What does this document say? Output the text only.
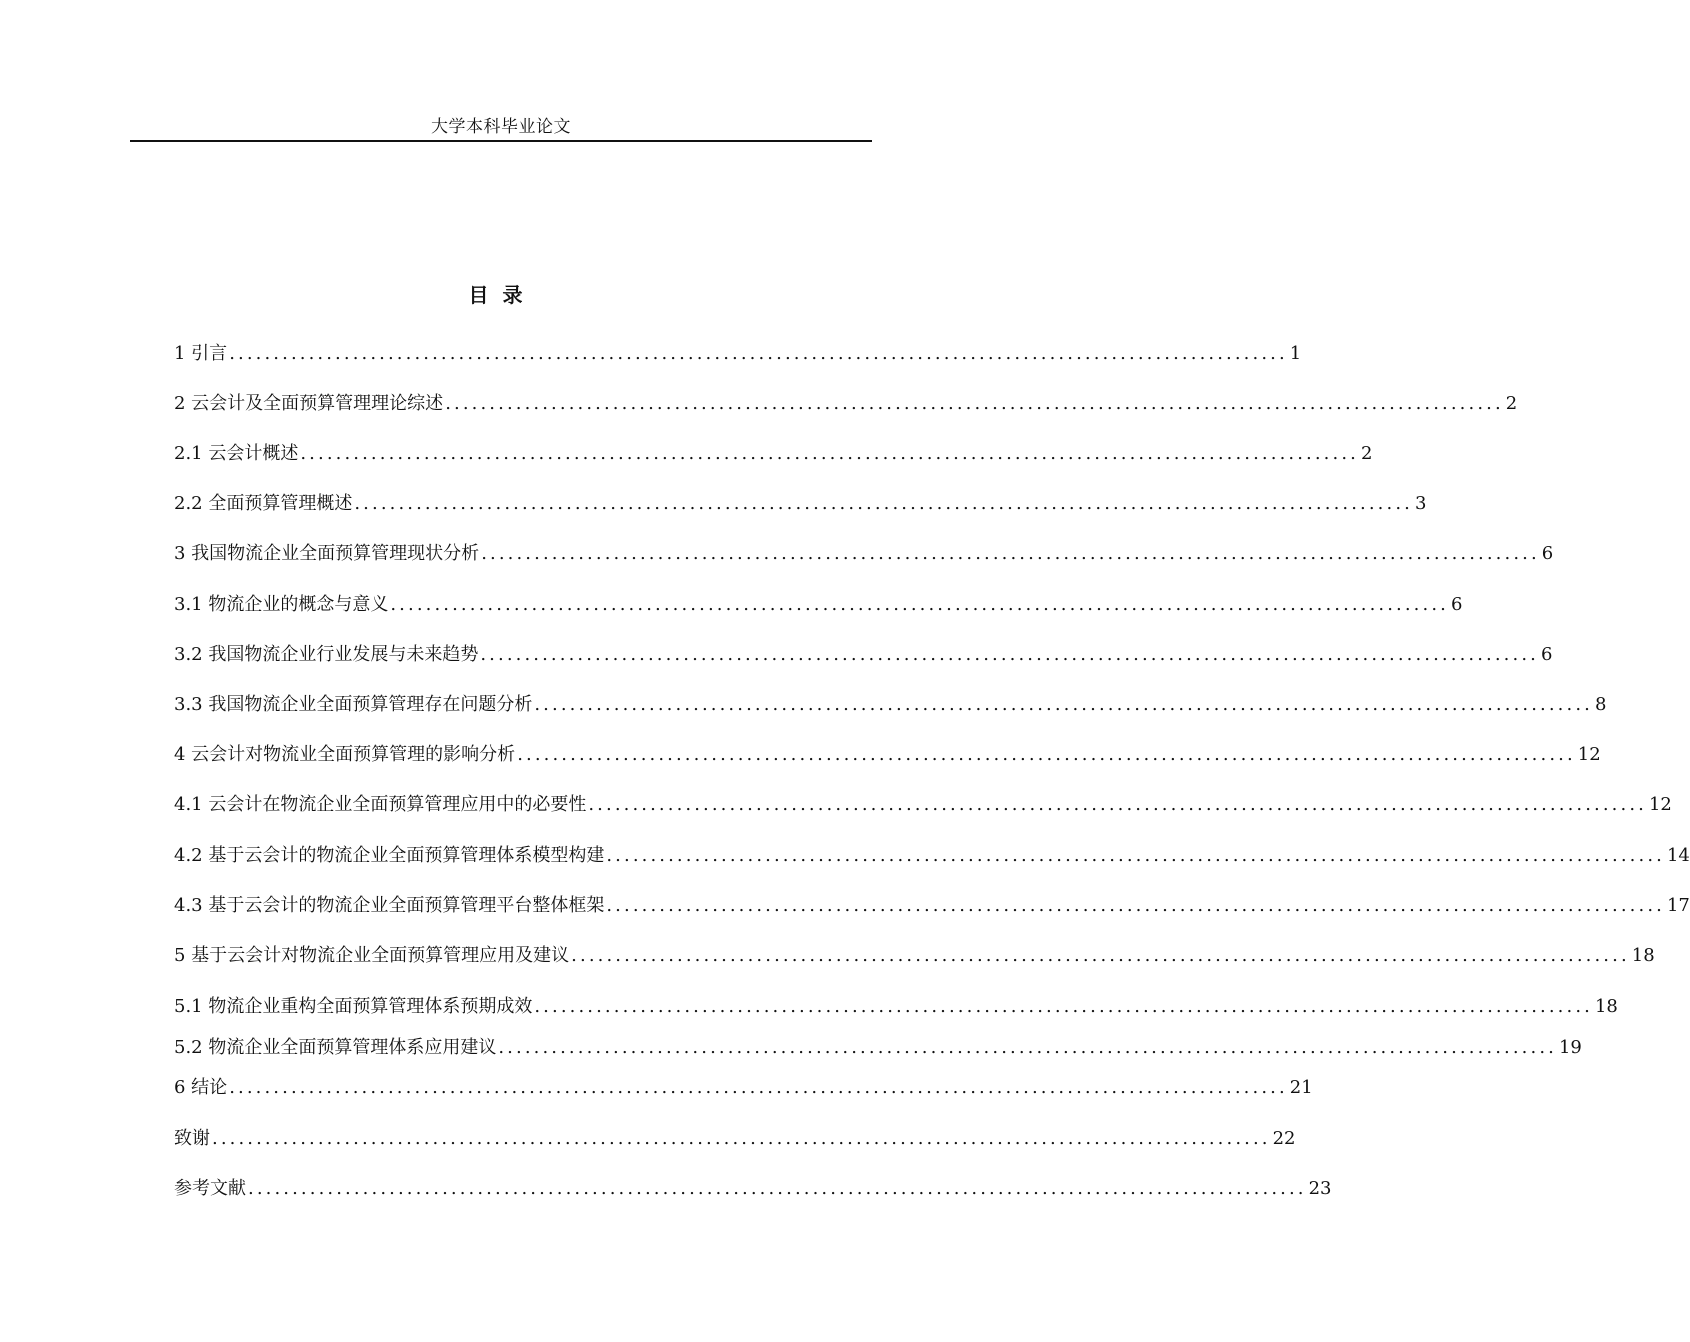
大学本科毕业论文
目录
1 引言 ........................................................................................................................ 1
2 云会计及全面预算管理理论综述 ........................................................................................................................ 2
2.1 云会计概述 ........................................................................................................................ 2
2.2 全面预算管理概述 ........................................................................................................................ 3
3 我国物流企业全面预算管理现状分析 ........................................................................................................................ 6
3.1 物流企业的概念与意义 ........................................................................................................................ 6
3.2 我国物流企业行业发展与未来趋势 ........................................................................................................................ 6
3.3 我国物流企业全面预算管理存在问题分析 ........................................................................................................................ 8
4 云会计对物流业全面预算管理的影响分析 ........................................................................................................................ 12
4.1 云会计在物流企业全面预算管理应用中的必要性 ........................................................................................................................ 12
4.2 基于云会计的物流企业全面预算管理体系模型构建 ........................................................................................................................ 14
4.3 基于云会计的物流企业全面预算管理平台整体框架 ........................................................................................................................ 17
5 基于云会计对物流企业全面预算管理应用及建议 ........................................................................................................................ 18
5.1 物流企业重构全面预算管理体系预期成效 ........................................................................................................................ 18
5.2 物流企业全面预算管理体系应用建议 ........................................................................................................................ 19
6 结论 ........................................................................................................................ 21
致谢 ........................................................................................................................ 22
参考文献 ........................................................................................................................ 23
